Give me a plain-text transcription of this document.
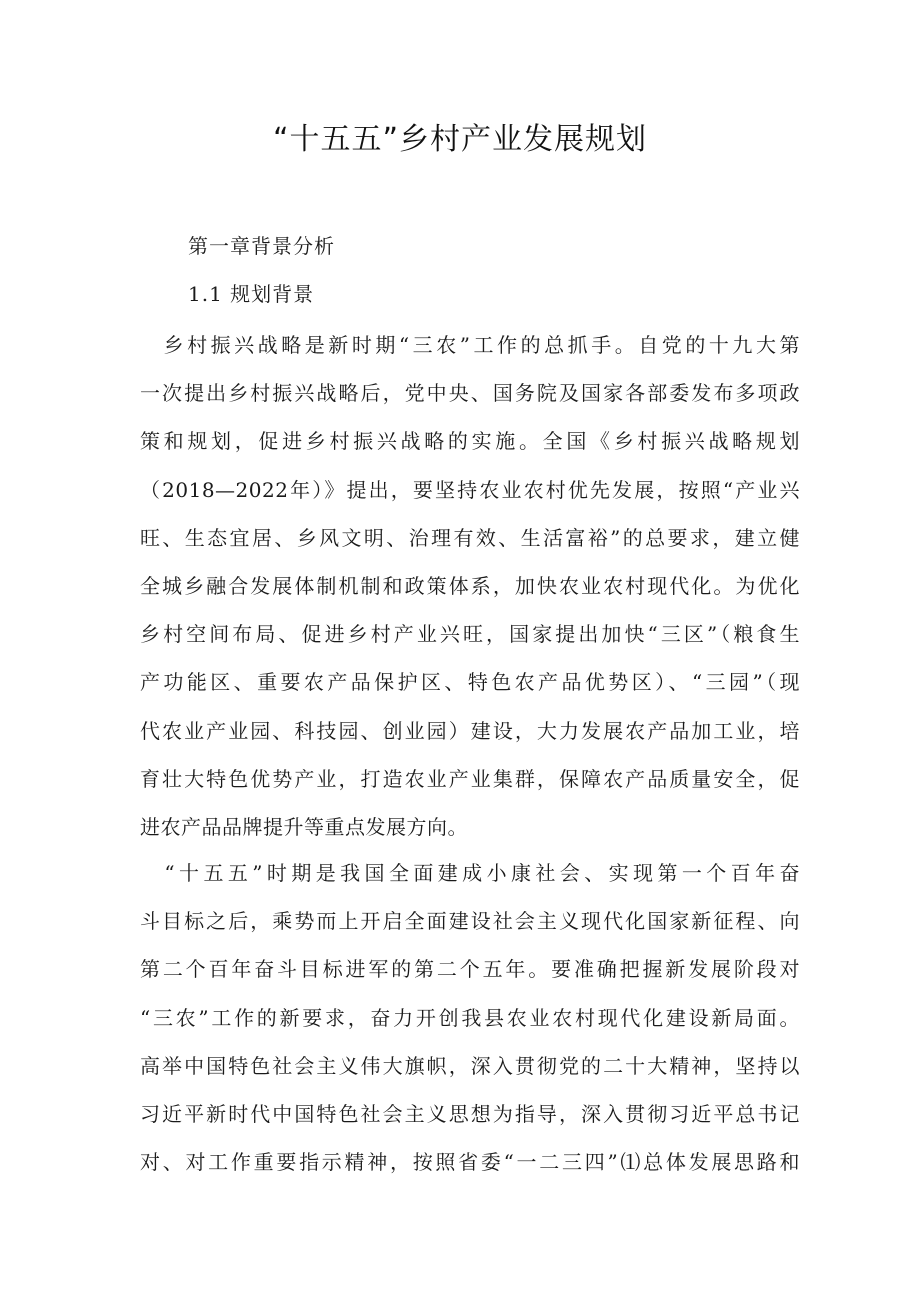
“十五五”乡村产业发展规划
第一章背景分析
1.1 规划背景
　乡村振兴战略是新时期“三农”工作的总抓手。自党的十九大第
一次提出乡村振兴战略后，党中央、国务院及国家各部委发布多项政
策和规划，促进乡村振兴战略的实施。全国《乡村振兴战略规划
（2018—2022年）》提出，要坚持农业农村优先发展，按照“产业兴
旺、生态宜居、乡风文明、治理有效、生活富裕”的总要求，建立健
全城乡融合发展体制机制和政策体系，加快农业农村现代化。为优化
乡村空间布局、促进乡村产业兴旺，国家提出加快“三区”（粮食生
产功能区、重要农产品保护区、特色农产品优势区）、“三园”（现
代农业产业园、科技园、创业园）建设，大力发展农产品加工业，培
育壮大特色优势产业，打造农业产业集群，保障农产品质量安全，促
进农产品品牌提升等重点发展方向。
　“十五五”时期是我国全面建成小康社会、实现第一个百年奋
斗目标之后，乘势而上开启全面建设社会主义现代化国家新征程、向
第二个百年奋斗目标进军的第二个五年。要准确把握新发展阶段对
“三农”工作的新要求，奋力开创我县农业农村现代化建设新局面。
高举中国特色社会主义伟大旗帜，深入贯彻党的二十大精神，坚持以
习近平新时代中国特色社会主义思想为指导，深入贯彻习近平总书记
对、对工作重要指示精神，按照省委“一二三四”⑴总体发展思路和
